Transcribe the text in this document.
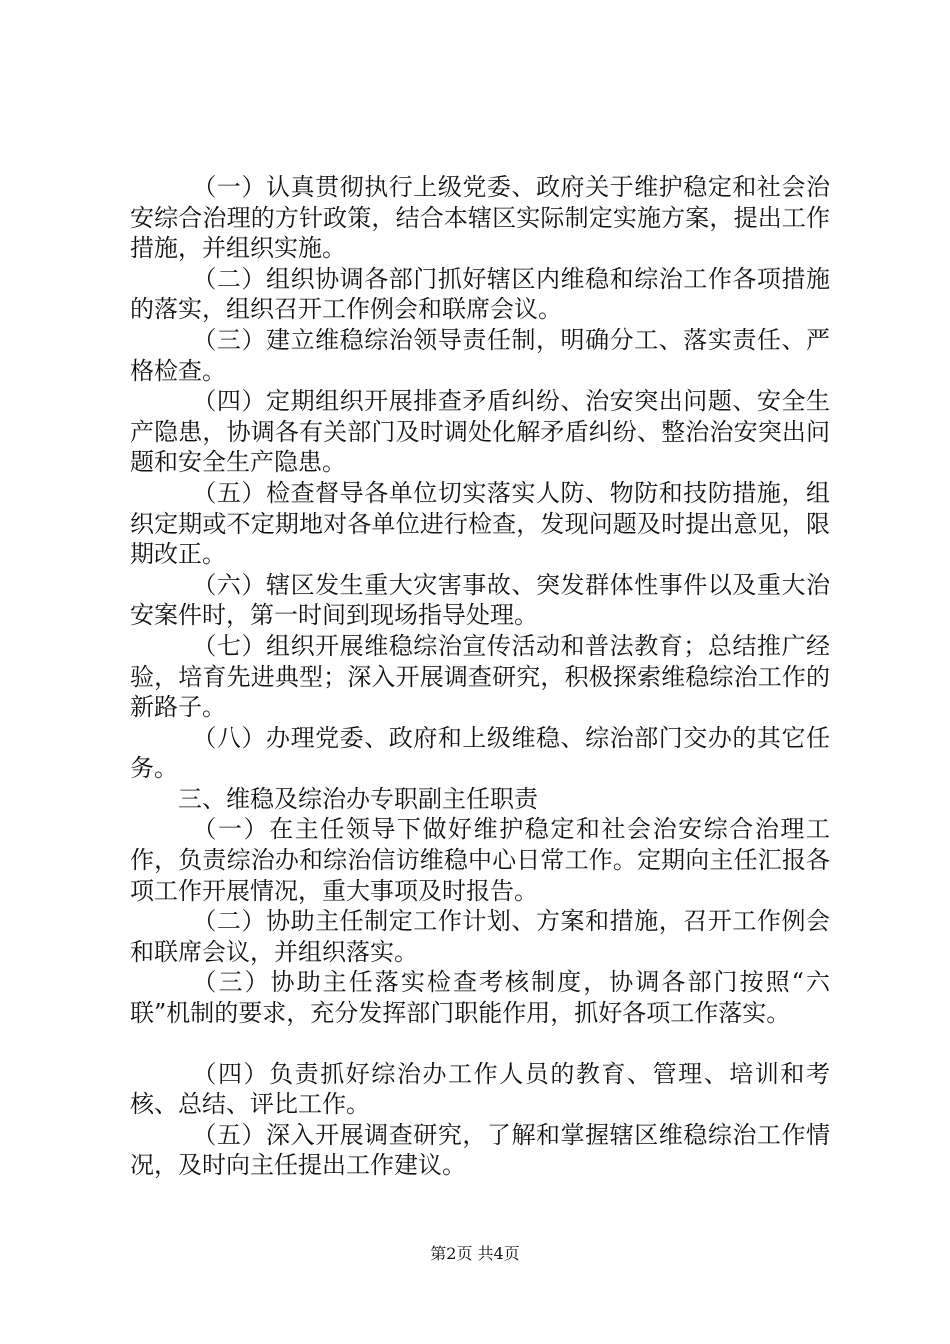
（一）认真贯彻执行上级党委、政府关于维护稳定和社会治安综合治理的方针政策，结合本辖区实际制定实施方案，提出工作措施，并组织实施。

（二）组织协调各部门抓好辖区内维稳和综治工作各项措施的落实，组织召开工作例会和联席会议。

（三）建立维稳综治领导责任制，明确分工、落实责任、严格检查。

（四）定期组织开展排查矛盾纠纷、治安突出问题、安全生产隐患，协调各有关部门及时调处化解矛盾纠纷、整治治安突出问题和安全生产隐患。

（五）检查督导各单位切实落实人防、物防和技防措施，组织定期或不定期地对各单位进行检查，发现问题及时提出意见，限期改正。

（六）辖区发生重大灾害事故、突发群体性事件以及重大治安案件时，第一时间到现场指导处理。

（七）组织开展维稳综治宣传活动和普法教育；总结推广经验，培育先进典型；深入开展调查研究，积极探索维稳综治工作的新路子。

（八）办理党委、政府和上级维稳、综治部门交办的其它任务。

三、维稳及综治办专职副主任职责

（一）在主任领导下做好维护稳定和社会治安综合治理工作，负责综治办和综治信访维稳中心日常工作。定期向主任汇报各项工作开展情况，重大事项及时报告。

（二）协助主任制定工作计划、方案和措施，召开工作例会和联席会议，并组织落实。

（三）协助主任落实检查考核制度，协调各部门按照“六联”机制的要求，充分发挥部门职能作用，抓好各项工作落实。

（四）负责抓好综治办工作人员的教育、管理、培训和考核、总结、评比工作。

（五）深入开展调查研究，了解和掌握辖区维稳综治工作情况，及时向主任提出工作建议。

第2页 共4页
